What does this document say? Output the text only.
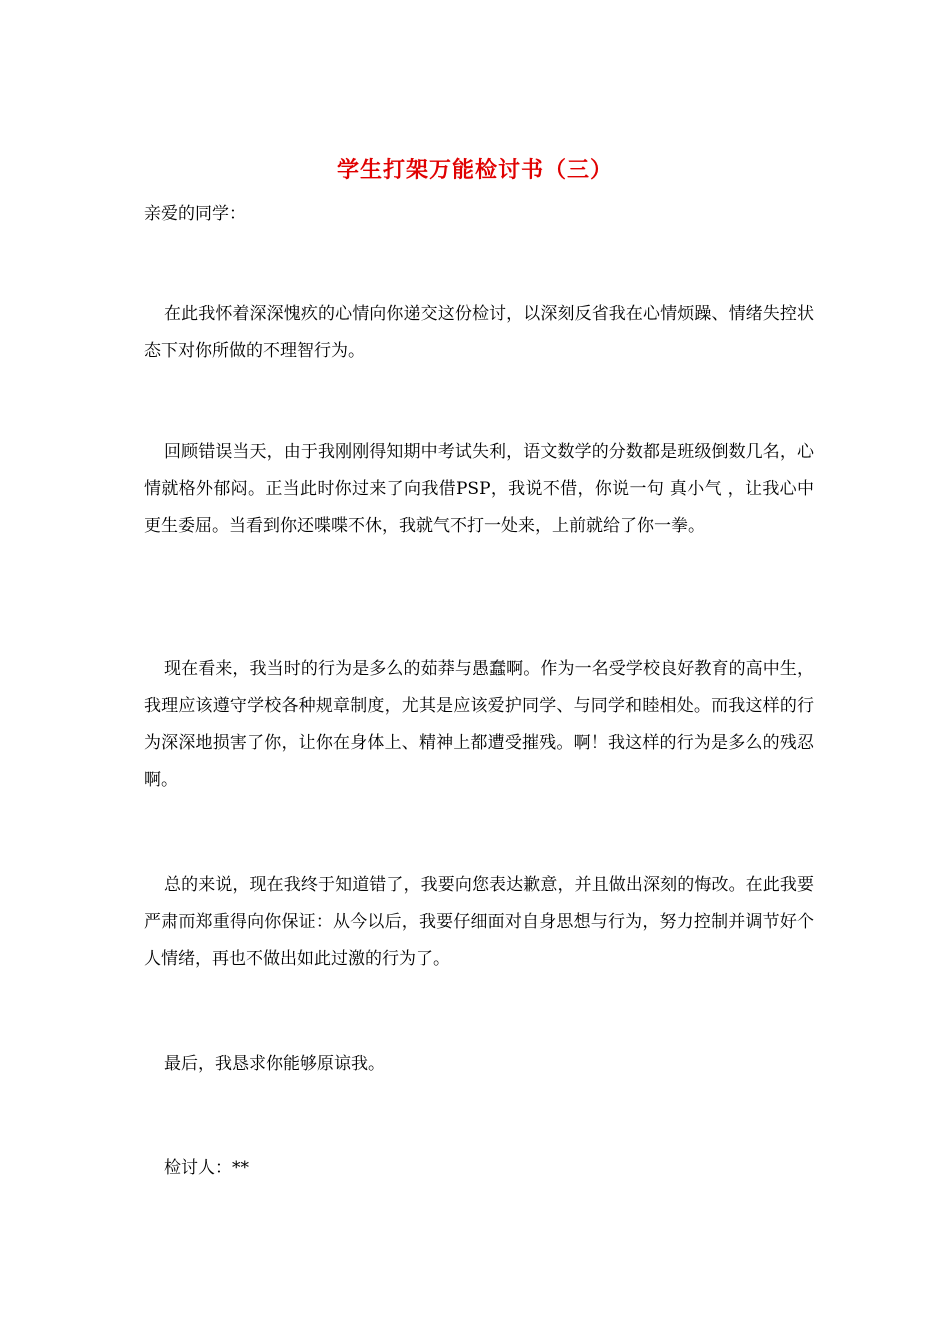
学生打架万能检讨书（三）

亲爱的同学：

在此我怀着深深愧疚的心情向你递交这份检讨，以深刻反省我在心情烦躁、情绪失控状态下对你所做的不理智行为。

回顾错误当天，由于我刚刚得知期中考试失利，语文数学的分数都是班级倒数几名，心情就格外郁闷。正当此时你过来了向我借PSP，我说不借，你说一句 真小气 ，让我心中更生委屈。当看到你还喋喋不休，我就气不打一处来，上前就给了你一拳。

现在看来，我当时的行为是多么的茹莽与愚蠢啊。作为一名受学校良好教育的高中生，我理应该遵守学校各种规章制度，尤其是应该爱护同学、与同学和睦相处。而我这样的行为深深地损害了你，让你在身体上、精神上都遭受摧残。啊！我这样的行为是多么的残忍啊。

总的来说，现在我终于知道错了，我要向您表达歉意，并且做出深刻的悔改。在此我要严肃而郑重得向你保证：从今以后，我要仔细面对自身思想与行为，努力控制并调节好个人情绪，再也不做出如此过激的行为了。

最后，我恳求你能够原谅我。

检讨人：**
